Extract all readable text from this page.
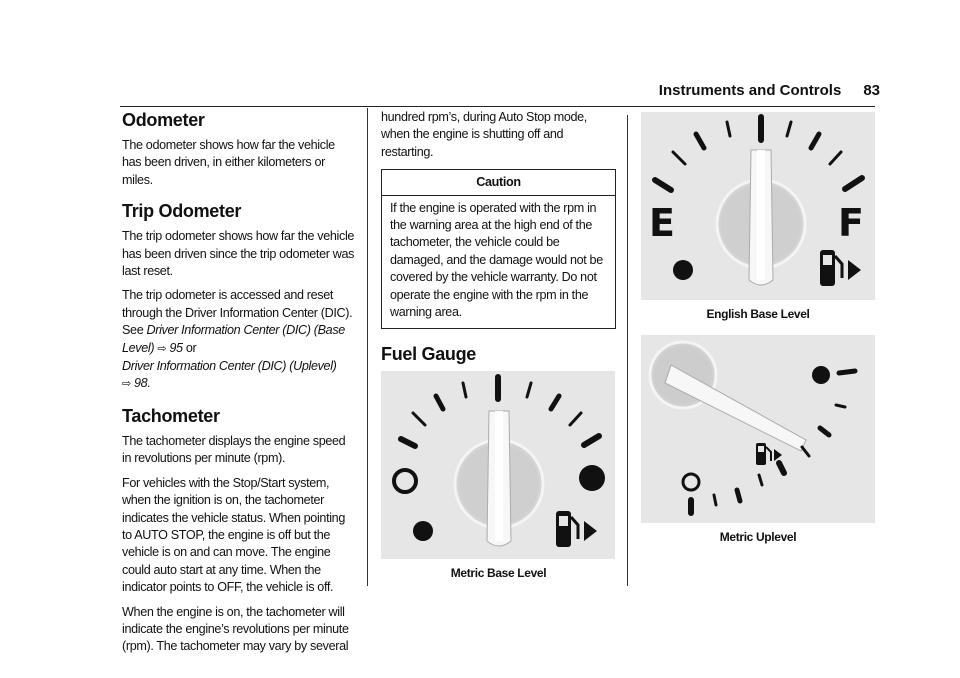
Instruments and Controls 83
Odometer

The odometer shows how far the vehicle has been driven, in either kilometers or miles.

Trip Odometer

The trip odometer shows how far the vehicle has been driven since the trip odometer was last reset.

The trip odometer is accessed and reset through the Driver Information Center (DIC). See Driver Information Center (DIC) (Base Level) ⇨ 95 or
Driver Information Center (DIC) (Uplevel)
⇨ 98.

Tachometer

The tachometer displays the engine speed in revolutions per minute (rpm).

For vehicles with the Stop/Start system, when the ignition is on, the tachometer indicates the vehicle status. When pointing to AUTO STOP, the engine is off but the vehicle is on and can move. The engine could auto start at any time. When the indicator points to OFF, the vehicle is off.

When the engine is on, the tachometer will indicate the engine’s revolutions per minute (rpm). The tachometer may vary by several

hundred rpm’s, during Auto Stop mode, when the engine is shutting off and restarting.

Caution
If the engine is operated with the rpm in the warning area at the high end of the tachometer, the vehicle could be damaged, and the damage would not be covered by the vehicle warranty. Do not operate the engine with the rpm in the warning area.
Fuel Gauge
Metric Base Level
E	F
English Base Level
Metric Uplevel
